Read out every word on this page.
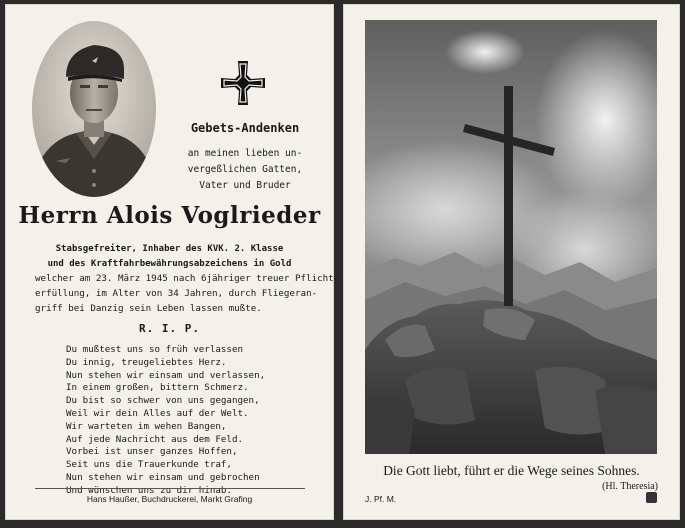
Gebets-Andenken
an meinen lieben un-
vergeßlichen Gatten,
Vater und Bruder
Herrn Alois Voglrieder
Stabsgefreiter, Inhaber des KVK. 2. Klasse
und des Kraftfahrbewährungsabzeichens in Gold
welcher am 23. März 1945 nach 6jähriger treuer Pflicht-
erfüllung, im Alter von 34 Jahren, durch Fliegeran-
griff bei Danzig sein Leben lassen mußte.
R. I. P.
Du mußtest uns so früh verlassen
Du innig, treugeliebtes Herz.
Nun stehen wir einsam und verlassen,
In einem großen, bittern Schmerz.
Du bist so schwer von uns gegangen,
Weil wir dein Alles auf der Welt.
Wir warteten im wehen Bangen,
Auf jede Nachricht aus dem Feld.
Vorbei ist unser ganzes Hoffen,
Seit uns die Trauerkunde traf,
Nun stehen wir einsam und gebrochen
Und wünschen uns zu dir hinab.
Hans Haußer, Buchdruckerei, Markt Grafing
Die Gott liebt, führt er die Wege seines Sohnes.
(Hl. Theresia)
J. Pf. M.
